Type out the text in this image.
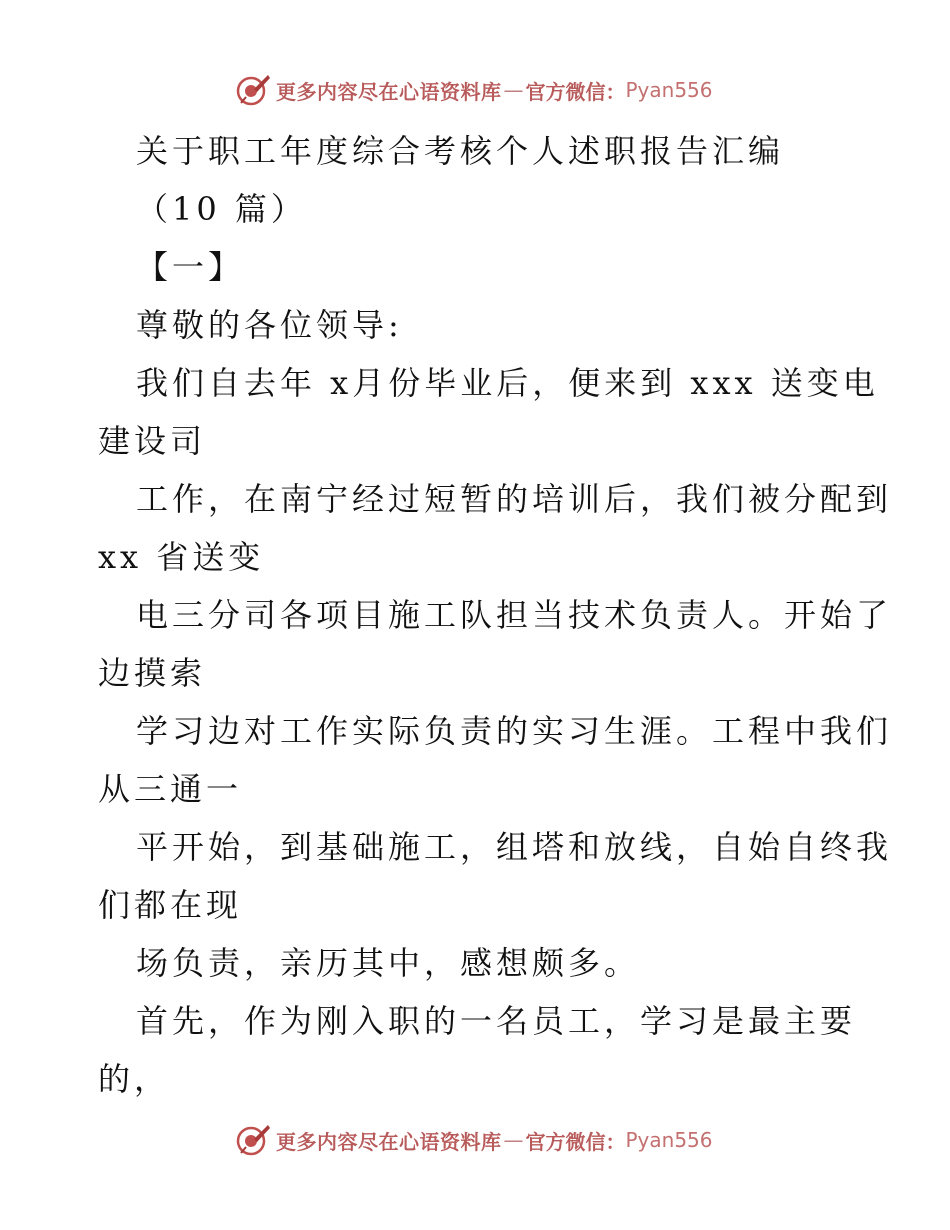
更多内容尽在心语资料库 — 官方微信： Pyan556
关于职工年度综合考核个人述职报告汇编
（10 篇）
【一】
尊敬的各位领导:
我们自去年 x月份毕业后，便来到 xxx 送变电
建设司
工作，在南宁经过短暂的培训后，我们被分配到
xx 省送变
电三分司各项目施工队担当技术负责人。开始了
边摸索
学习边对工作实际负责的实习生涯。工程中我们
从三通一
平开始，到基础施工，组塔和放线，自始自终我
们都在现
场负责，亲历其中，感想颇多。
首先，作为刚入职的一名员工，学习是最主要
的，
更多内容尽在心语资料库 — 官方微信： Pyan556
